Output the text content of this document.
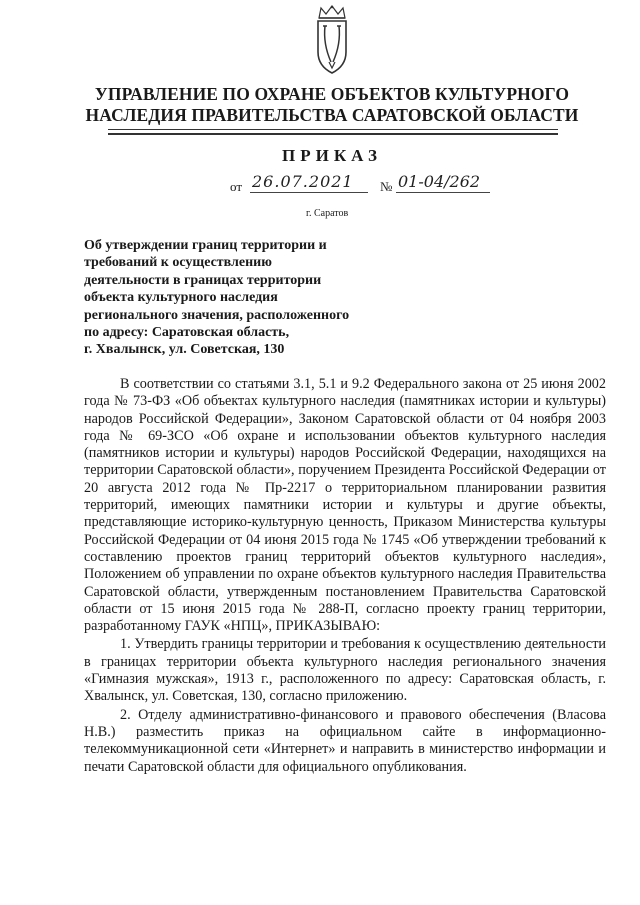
УПРАВЛЕНИЕ ПО ОХРАНЕ ОБЪЕКТОВ КУЛЬТУРНОГО
НАСЛЕДИЯ ПРАВИТЕЛЬСТВА САРАТОВСКОЙ ОБЛАСТИ
ПРИКАЗ
от 26.07.2021 № 01-04/262
г. Саратов
Об утверждении границ территории и
требований к осуществлению
деятельности в границах территории
объекта культурного наследия
регионального значения, расположенного
по адресу: Саратовская область,
г. Хвалынск, ул. Советская, 130

В соответствии со статьями 3.1, 5.1 и 9.2 Федерального закона от 25 июня 2002 года № 73-ФЗ «Об объектах культурного наследия (памятниках истории и культуры) народов Российской Федерации», Законом Саратовской области от 04 ноября 2003 года № 69-ЗСО «Об охране и использовании объектов культурного наследия (памятников истории и культуры) народов Российской Федерации, находящихся на территории Саратовской области», поручением Президента Российской Федерации от 20 августа 2012 года № Пр-2217 о территориальном планировании развития территорий, имеющих памятники истории и культуры и другие объекты, представляющие историко-культурную ценность, Приказом Министерства культуры Российской Федерации от 04 июня 2015 года № 1745 «Об утверждении требований к составлению проектов границ территорий объектов культурного наследия», Положением об управлении по охране объектов культурного наследия Правительства Саратовской области, утвержденным постановлением Правительства Саратовской области от 15 июня 2015 года № 288-П, согласно проекту границ территории, разработанному ГАУК «НПЦ», ПРИКАЗЫВАЮ:

1. Утвердить границы территории и требования к осуществлению деятельности в границах территории объекта культурного наследия регионального значения «Гимназия мужская», 1913 г., расположенного по адресу: Саратовская область, г. Хвалынск, ул. Советская, 130, согласно приложению.

2. Отделу административно-финансового и правового обеспечения (Власова Н.В.) разместить приказ на официальном сайте в информационно-телекоммуникационной сети «Интернет» и направить в министерство информации и печати Саратовской области для официального опубликования.
